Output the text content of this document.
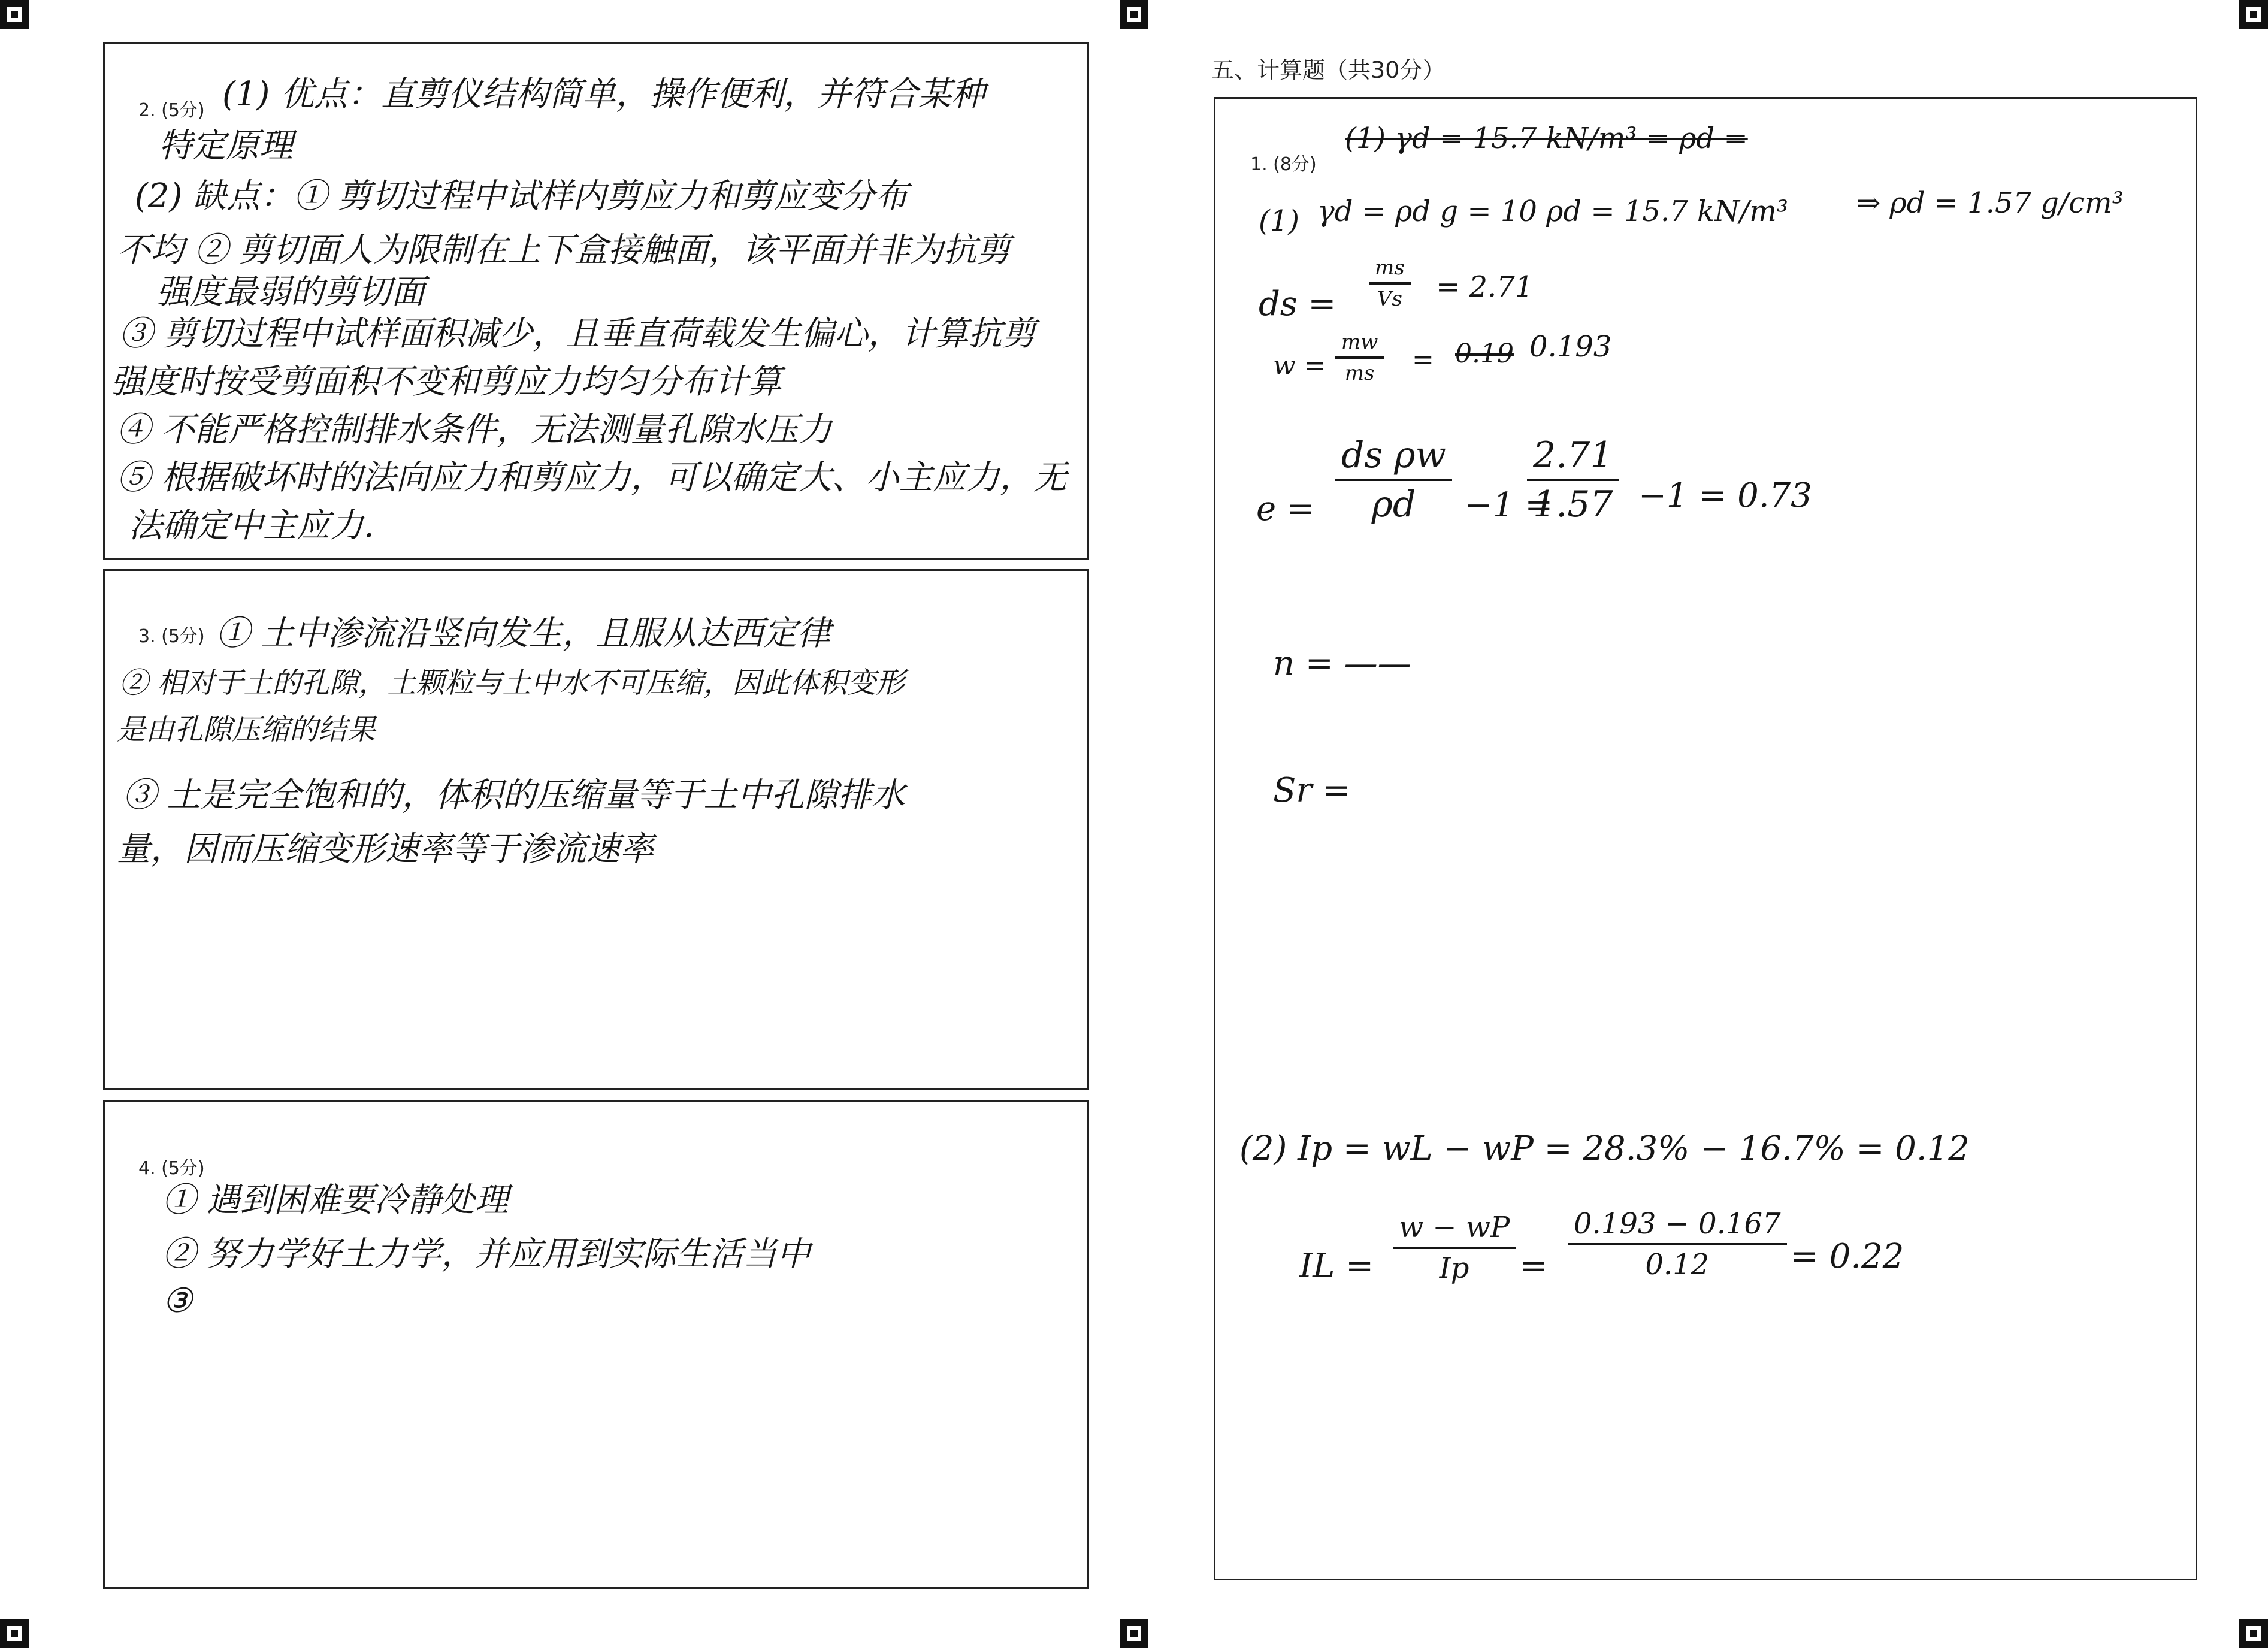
2. (5分) (1) 优点：直剪仪结构简单，操作便利，并符合某种
特定原理
(2) 缺点：① 剪切过程中试样内剪应力和剪应变分布
不均 ② 剪切面人为限制在上下盒接触面，该平面并非为抗剪
强度最弱的剪切面
③ 剪切过程中试样面积减少，且垂直荷载发生偏心，计算抗剪
强度时按受剪面积不变和剪应力均匀分布计算
④ 不能严格控制排水条件，无法测量孔隙水压力
⑤ 根据破坏时的法向应力和剪应力，可以确定大、小主应力，无
法确定中主应力.
3. (5分) ① 土中渗流沿竖向发生，且服从达西定律
② 相对于土的孔隙，土颗粒与土中水不可压缩，因此体积变形
是由孔隙压缩的结果
③ 土是完全饱和的，体积的压缩量等于土中孔隙排水
量，因而压缩变形速率等于渗流速率
4. (5分)
① 遇到困难要冷静处理
② 努力学好土力学，并应用到实际生活当中
③
五、计算题（共30分）
1. (8分)
(1) γd = 15.7 kN/m³ = ρd =
(1) γd = ρd g = 10 ρd = 15.7 kN/m³ ⇒ ρd = 1.57 g/cm³
ds =
ms
Vs = 2.71
w =
mw
ms = 0.19 0.193
e =
ds ρw
ρd −1 =
2.71
1.57 −1 = 0.73
n = ——
Sr =
(2) Ip = wL − wP = 28.3% − 16.7% = 0.12
IL =
w − wP
Ip =
0.193 − 0.167
0.12 = 0.22
